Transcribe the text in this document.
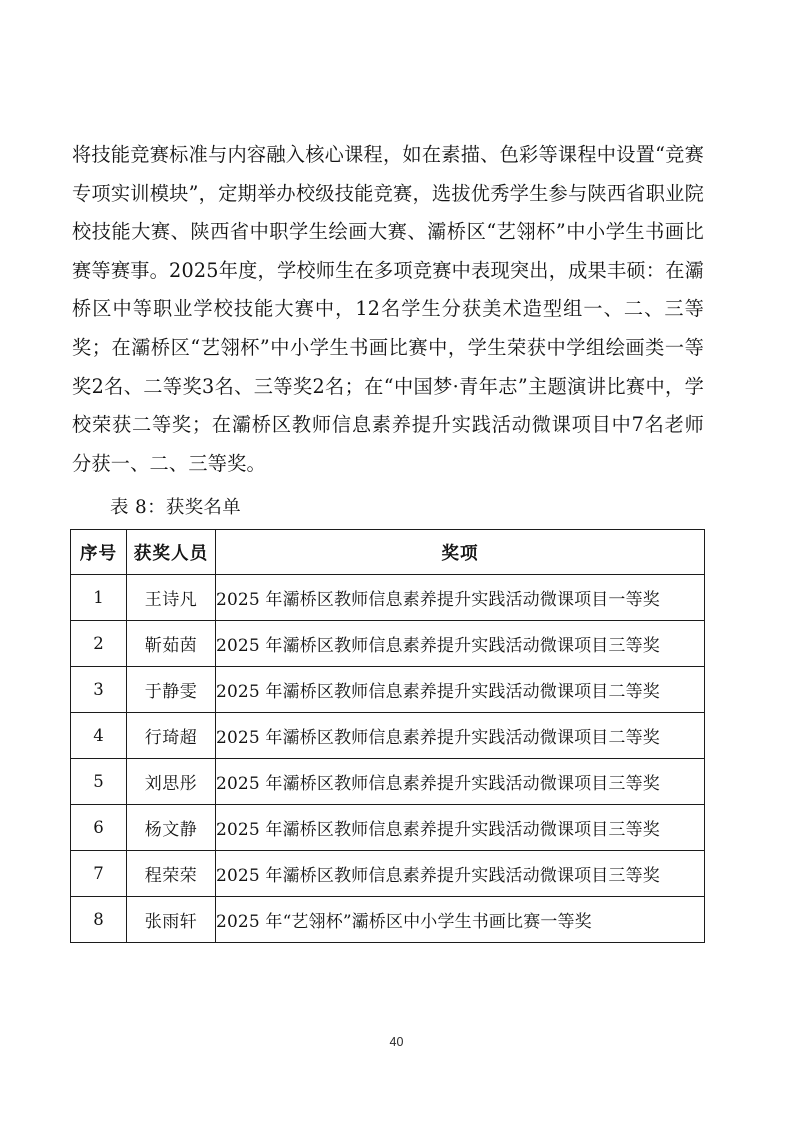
将技能竞赛标准与内容融入核心课程，如在素描、色彩等课程中设置“竞赛专项实训模块”，定期举办校级技能竞赛，选拔优秀学生参与陕西省职业院校技能大赛、陕西省中职学生绘画大赛、灞桥区“艺翎杯”中小学生书画比赛等赛事。2025年度，学校师生在多项竞赛中表现突出，成果丰硕：在灞桥区中等职业学校技能大赛中，12名学生分获美术造型组一、二、三等奖；在灞桥区“艺翎杯”中小学生书画比赛中，学生荣获中学组绘画类一等奖2名、二等奖3名、三等奖2名；在“中国梦·青年志”主题演讲比赛中，学校荣获二等奖；在灞桥区教师信息素养提升实践活动微课项目中7名老师分获一、二、三等奖。

表 8：获奖名单
序号	获奖人员	奖项
1	王诗凡	2025 年灞桥区教师信息素养提升实践活动微课项目一等奖
2	靳茹茵	2025 年灞桥区教师信息素养提升实践活动微课项目三等奖
3	于静雯	2025 年灞桥区教师信息素养提升实践活动微课项目二等奖
4	行琦超	2025 年灞桥区教师信息素养提升实践活动微课项目二等奖
5	刘思彤	2025 年灞桥区教师信息素养提升实践活动微课项目三等奖
6	杨文静	2025 年灞桥区教师信息素养提升实践活动微课项目三等奖
7	程荣荣	2025 年灞桥区教师信息素养提升实践活动微课项目三等奖
8	张雨轩	2025 年“艺翎杯”灞桥区中小学生书画比赛一等奖
40
